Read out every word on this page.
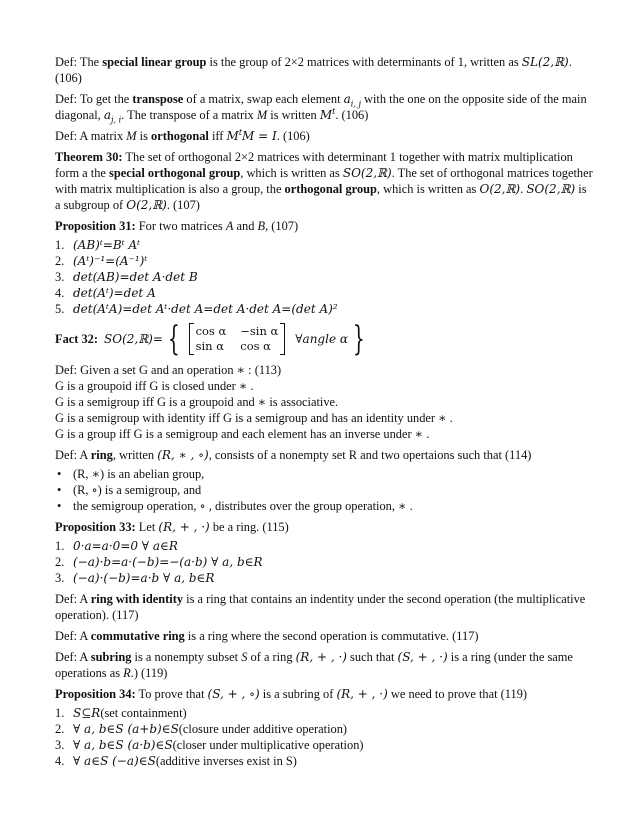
Def: The special linear group is the group of 2×2 matrices with determinants of 1, written as SL(2,ℝ). (106)

Def: To get the transpose of a matrix, swap each element $a_{i, j}$ with the one on the opposite side of the main diagonal, $a_{j, i}$. The transpose of a matrix M is written $M^t$. (106)

Def: A matrix M is orthogonal iff $M^tM = I$. (106)

Theorem 30: The set of orthogonal 2×2 matrices with determinant 1 together with matrix multiplication form a the special orthogonal group, which is written as SO(2,ℝ). The set of orthogonal matrices together with matrix multiplication is also a group, the orthogonal group, which is written as O(2,ℝ). SO(2,ℝ) is a subgroup of O(2,ℝ). (107)

Proposition 31: For two matrices A and B, (107)

1. (AB)ᵗ=Bᵗ Aᵗ
2. (Aᵗ)⁻¹=(A⁻¹)ᵗ
3. det(AB)=det A·det B
4. det(Aᵗ)=det A
5. det(AᵗA)=det Aᵗ·det A=det A·det A=(det A)²
Fact 32: SO(2,ℝ)= { cos α −sin α
sin α cos α	∀angle α }
Def: Given a set G and an operation ∗ : (113)
G is a groupoid iff G is closed under ∗ .
G is a semigroup iff G is a groupoid and ∗ is associative.
G is a semigroup with identity iff G is a semigroup and has an identity under ∗ .
G is a group iff G is a semigroup and each element has an inverse under ∗ .

Def: A ring, written (R, ∗ , ∘), consists of a nonempty set R and two opertaions such that (114)

• (R, ∗) is an abelian group,
• (R, ∘) is a semigroup, and
• the semigroup operation, ∘ , distributes over the group operation, ∗ .

Proposition 33: Let (R, + , ·) be a ring. (115)

1. 0·a=a·0=0 ∀ a∈R
2. (−a)·b=a·(−b)=−(a·b) ∀ a, b∈R
3. (−a)·(−b)=a·b ∀ a, b∈R

Def: A ring with identity is a ring that contains an indentity under the second operation (the multiplicative operation). (117)

Def: A commutative ring is a ring where the second operation is commutative. (117)

Def: A subring is a nonempty subset S of a ring (R, + , ·) such that (S, + , ·) is a ring (under the same operations as R.) (119)

Proposition 34: To prove that (S, + , ∘) is a subring of (R, + , ·) we need to prove that (119)

1. S⊆R (set containment)
2. ∀ a, b∈S (a+b)∈S (closure under additive operation)
3. ∀ a, b∈S (a·b)∈S (closer under multiplicative operation)
4. ∀ a∈S (−a)∈S (additive inverses exist in S)
